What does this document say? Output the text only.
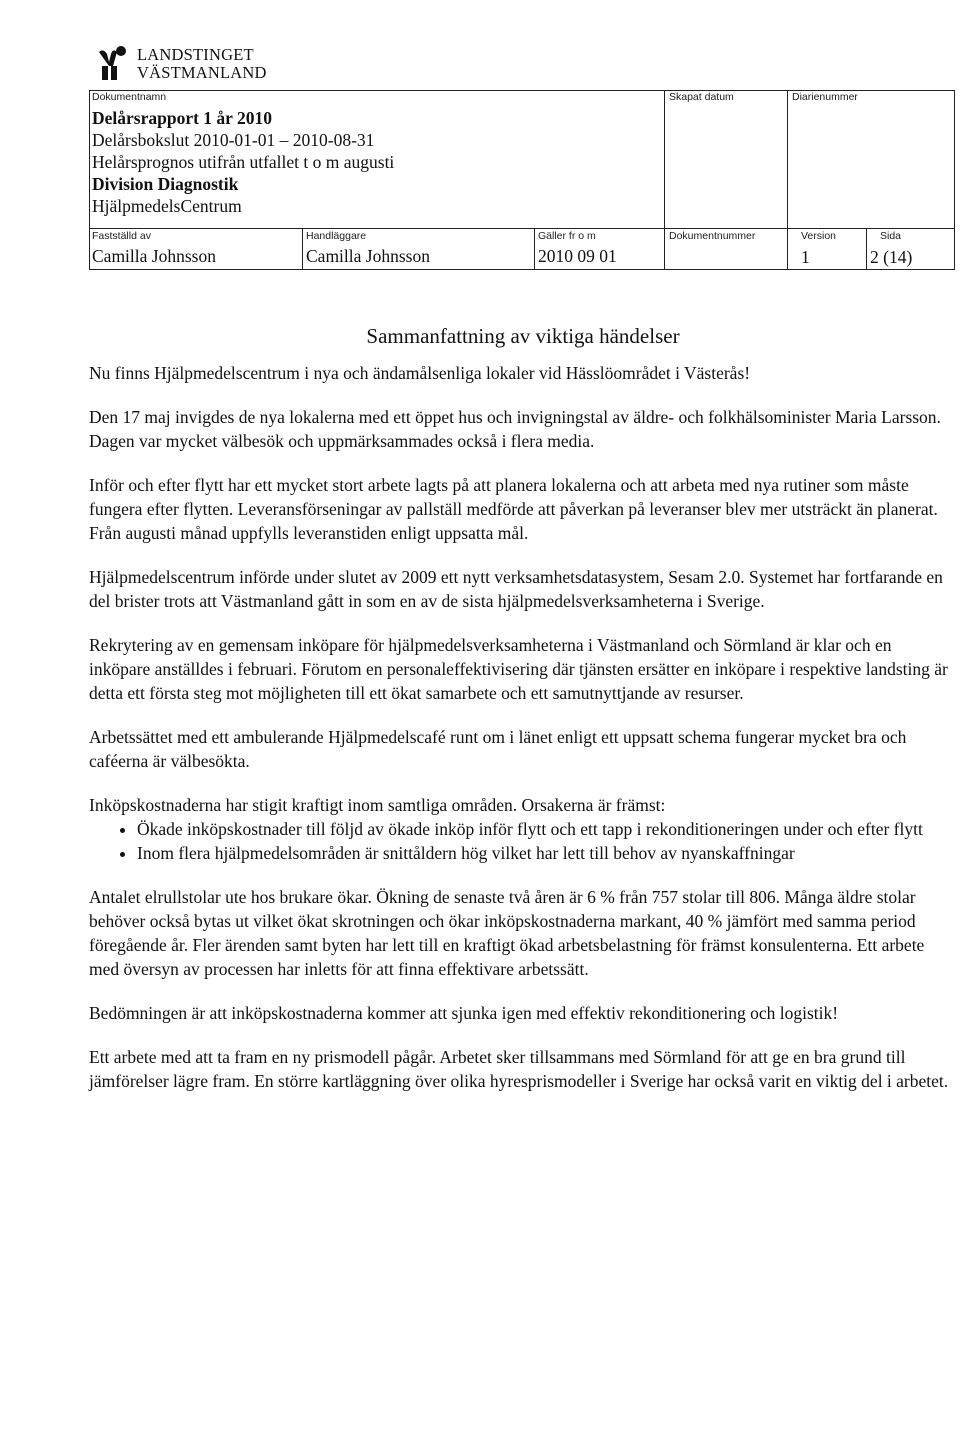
LANDSTINGET
VÄSTMANLAND
Dokumentnamn
Delårsrapport 1 år 2010
Delårsbokslut 2010-01-01 – 2010-08-31
Helårsprognos utifrån utfallet t o m augusti
Division Diagnostik
HjälpmedelsCentrum
Skapat datum	Diarienummer
Fastställd av
Camilla Johnsson
Handläggare
Camilla Johnsson
Gäller fr o m
2010 09 01
Dokumentnummer	Version
1
Sida
2 (14)
Sammanfattning av viktiga händelser

Nu finns Hjälpmedelscentrum i nya och ändamålsenliga lokaler vid Hässlöområdet i Västerås!

Den 17 maj invigdes de nya lokalerna med ett öppet hus och invigningstal av äldre- och folkhälsominister Maria Larsson. Dagen var mycket välbesök och uppmärksammades också i flera media.

Inför och efter flytt har ett mycket stort arbete lagts på att planera lokalerna och att arbeta med nya rutiner som måste fungera efter flytten. Leveransförseningar av pallställ medförde att påverkan på leveranser blev mer utsträckt än planerat. Från augusti månad uppfylls leveranstiden enligt uppsatta mål.

Hjälpmedelscentrum införde under slutet av 2009 ett nytt verksamhetsdatasystem, Sesam 2.0. Systemet har fortfarande en del brister trots att Västmanland gått in som en av de sista hjälpmedelsverksamheterna i Sverige.

Rekrytering av en gemensam inköpare för hjälpmedelsverksamheterna i Västmanland och Sörmland är klar och en inköpare anställdes i februari. Förutom en personaleffektivisering där tjänsten ersätter en inköpare i respektive landsting är detta ett första steg mot möjligheten till ett ökat samarbete och ett samutnyttjande av resurser.

Arbetssättet med ett ambulerande Hjälpmedelscafé runt om i länet enligt ett uppsatt schema fungerar mycket bra och caféerna är välbesökta.

Inköpskostnaderna har stigit kraftigt inom samtliga områden. Orsakerna är främst:

• Ökade inköpskostnader till följd av ökade inköp inför flytt och ett tapp i rekonditioneringen under och efter flytt
• Inom flera hjälpmedelsområden är snittåldern hög vilket har lett till behov av nyanskaffningar

Antalet elrullstolar ute hos brukare ökar. Ökning de senaste två åren är 6 % från 757 stolar till 806. Många äldre stolar behöver också bytas ut vilket ökat skrotningen och ökar inköpskostnaderna markant, 40 % jämfört med samma period föregående år. Fler ärenden samt byten har lett till en kraftigt ökad arbetsbelastning för främst konsulenterna. Ett arbete med översyn av processen har inletts för att finna effektivare arbetssätt.

Bedömningen är att inköpskostnaderna kommer att sjunka igen med effektiv rekonditionering och logistik!

Ett arbete med att ta fram en ny prismodell pågår. Arbetet sker tillsammans med Sörmland för att ge en bra grund till jämförelser lägre fram. En större kartläggning över olika hyresprismodeller i Sverige har också varit en viktig del i arbetet.
